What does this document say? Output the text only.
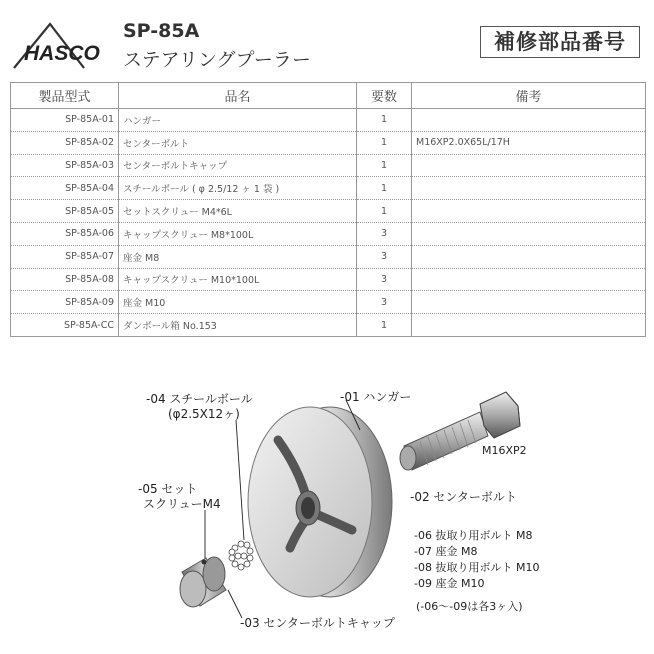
HASCO
SP-85A
ステアリングプーラー
補修部品番号
製品型式	品名	要数	備考
SP-85A-01	ハンガー	1	
SP-85A-02	センターボルト	1	M16XP2.0X65L/17H
SP-85A-03	センターボルトキャップ	1	
SP-85A-04	スチールボール ( φ 2.5/12 ヶ 1 袋 )	1	
SP-85A-05	セットスクリュー M4*6L	1	
SP-85A-06	キャップスクリュー M8*100L	3	
SP-85A-07	座金 M8	3	
SP-85A-08	キャップスクリュー M10*100L	3	
SP-85A-09	座金 M10	3	
SP-85A-CC	ダンボール箱 No.153	1	
-04 スチールボール
(φ2.5X12ヶ)
-01 ハンガー
M16XP2
-05 セット
スクリューM4	-02 センターボルト
-06 抜取り用ボルト M8
-07 座金 M8
-08 抜取り用ボルト M10
-09 座金 M10
(-06～-09は各3ヶ入)
-03 センターボルトキャップ
